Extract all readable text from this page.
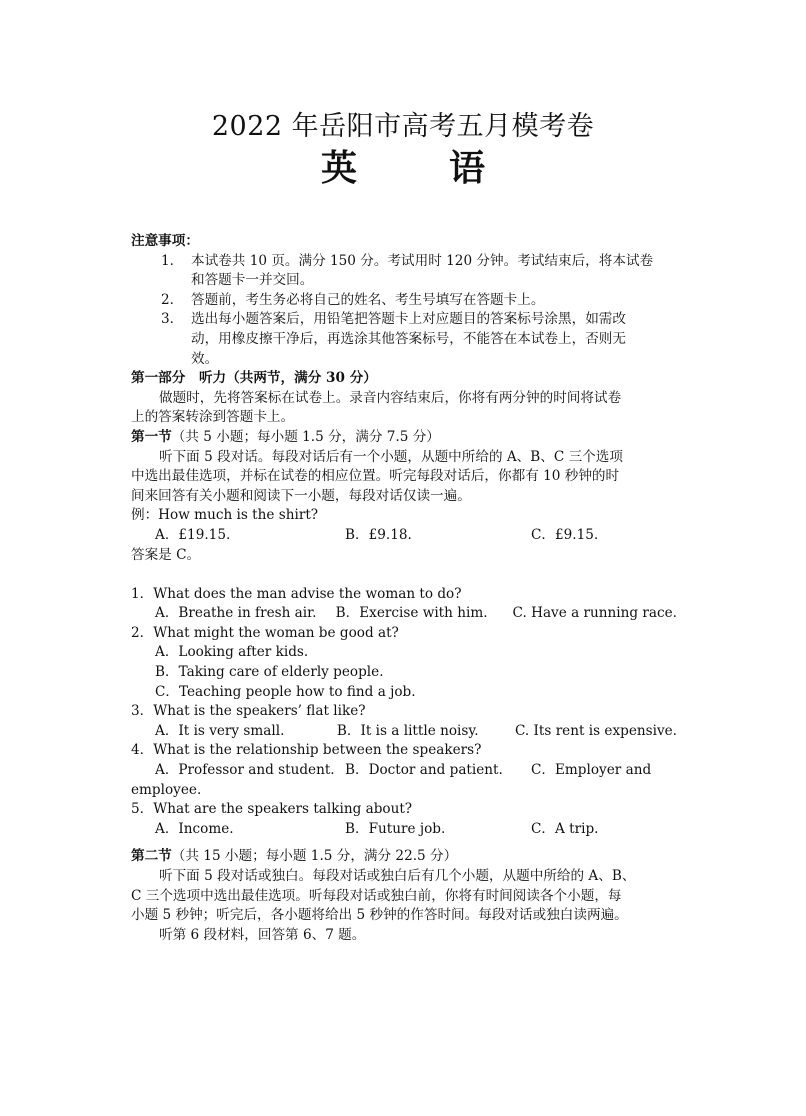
2022 年岳阳市高考五月模考卷
英　语
注意事项：
1． 本试卷共 10 页。满分 150 分。考试用时 120 分钟。考试结束后，将本试卷
和答题卡一并交回。
2． 答题前，考生务必将自己的姓名、考生号填写在答题卡上。
3． 选出每小题答案后，用铅笔把答题卡上对应题目的答案标号涂黑，如需改
动，用橡皮擦干净后，再选涂其他答案标号，不能答在本试卷上，否则无
效。
第一部分　听力（共两节，满分 30 分）
做题时，先将答案标在试卷上。录音内容结束后，你将有两分钟的时间将试卷
上的答案转涂到答题卡上。
第一节（共 5 小题；每小题 1.5 分，满分 7.5 分）
听下面 5 段对话。每段对话后有一个小题，从题中所给的 A、B、C 三个选项
中选出最佳选项，并标在试卷的相应位置。听完每段对话后，你都有 10 秒钟的时
间来回答有关小题和阅读下一小题，每段对话仅读一遍。
例：How much is the shirt?
A．£19.15.	B．£9.18.	C．£9.15.
答案是 C。
1．What does the man advise the woman to do?
A．Breathe in fresh air.	B．Exercise with him.	C. Have a running race.
2．What might the woman be good at?
A．Looking after kids.
B．Taking care of elderly people.
C．Teaching people how to find a job.
3．What is the speakers’ flat like?
A．It is very small.	B．It is a little noisy.	C. Its rent is expensive.
4．What is the relationship between the speakers?
A．Professor and student. B．Doctor and patient.	C．Employer and
employee.
5．What are the speakers talking about?
A．Income.	B．Future job.	C．A trip.
第二节（共 15 小题；每小题 1.5 分，满分 22.5 分）
听下面 5 段对话或独白。每段对话或独白后有几个小题，从题中所给的 A、B、
C 三个选项中选出最佳选项。听每段对话或独白前，你将有时间阅读各个小题，每
小题 5 秒钟；听完后，各小题将给出 5 秒钟的作答时间。每段对话或独白读两遍。
听第 6 段材料，回答第 6、7 题。
